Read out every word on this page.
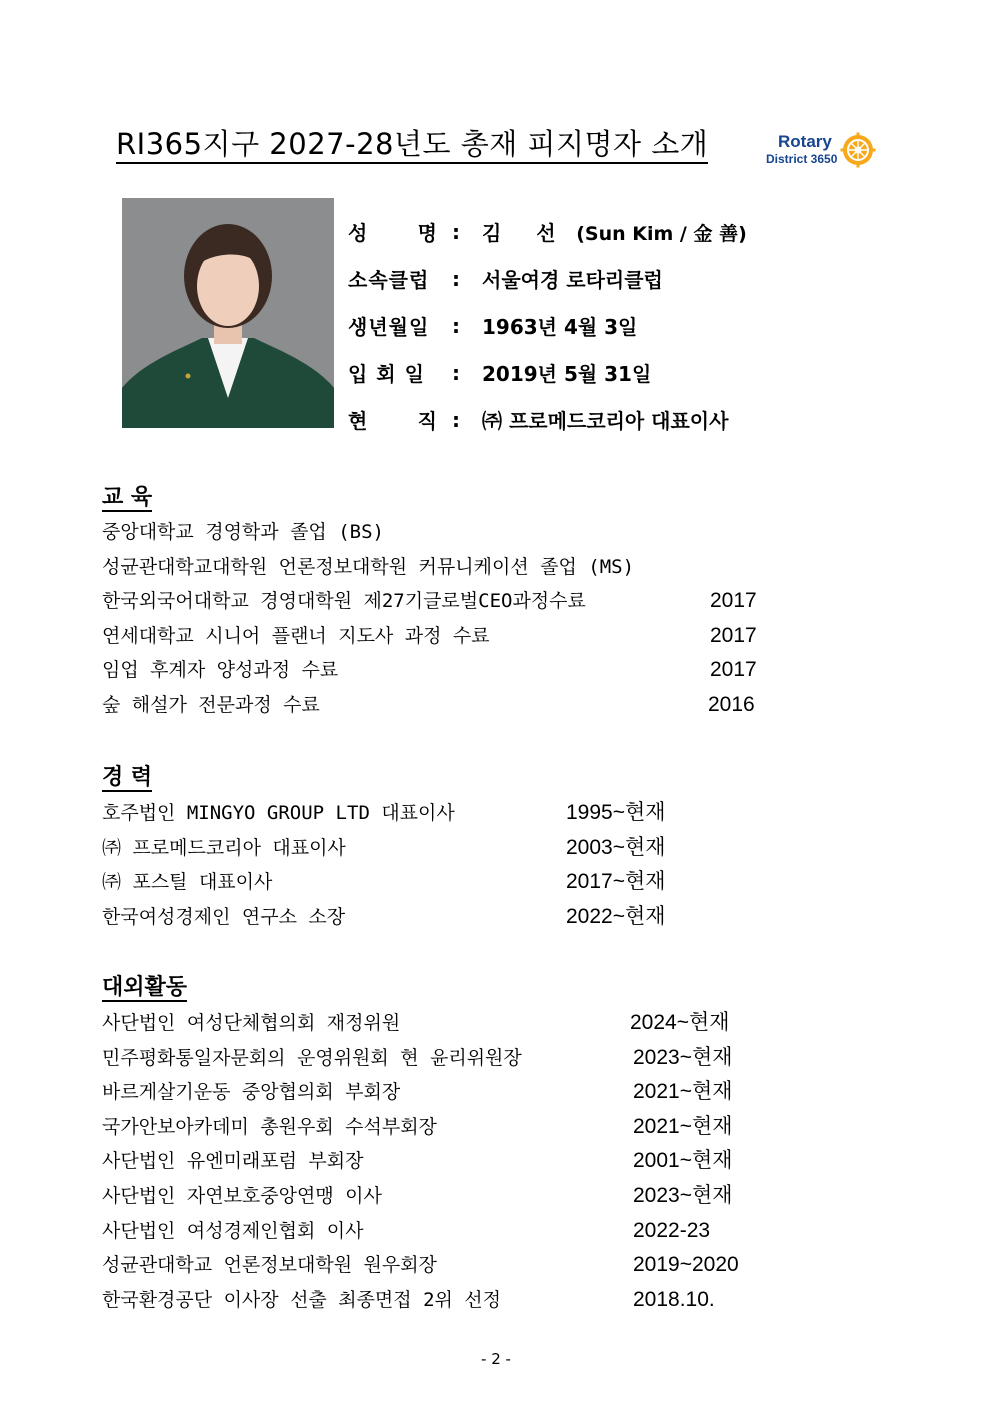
RI365지구 2027-28년도 총재 피지명자 소개	Rotary
District 3650
성 명 :	김 선 (Sun Kim / 金 善)
소속클럽	:	서울여경 로타리클럽
생년월일	:	1963년 4월 3일
입 회 일	:	2019년 5월 31일
현 직 :	㈜ 프로메드코리아 대표이사
교 육
중앙대학교 경영학과 졸업 (BS)
성균관대학교대학원 언론정보대학원 커뮤니케이션 졸업 (MS)
한국외국어대학교 경영대학원 제27기글로벌CEO과정수료	2017
연세대학교 시니어 플랜너 지도사 과정 수료	2017
임업 후계자 양성과정 수료	2017
숲 해설가 전문과정 수료	2016
경 력
호주법인 MINGYO GROUP LTD 대표이사	1995~현재
㈜ 프로메드코리아 대표이사	2003~현재
㈜ 포스틸 대표이사	2017~현재
한국여성경제인 연구소 소장	2022~현재
대외활동
사단법인 여성단체협의회 재정위원	2024~현재
민주평화통일자문회의 운영위원회 현 윤리위원장	2023~현재
바르게살기운동 중앙협의회 부회장	2021~현재
국가안보아카데미 총원우회 수석부회장	2021~현재
사단법인 유엔미래포럼 부회장	2001~현재
사단법인 자연보호중앙연맹 이사	2023~현재
사단법인 여성경제인협회 이사	2022-23
성균관대학교 언론정보대학원 원우회장	2019~2020
한국환경공단 이사장 선출 최종면접 2위 선정	2018.10.
- 2 -
